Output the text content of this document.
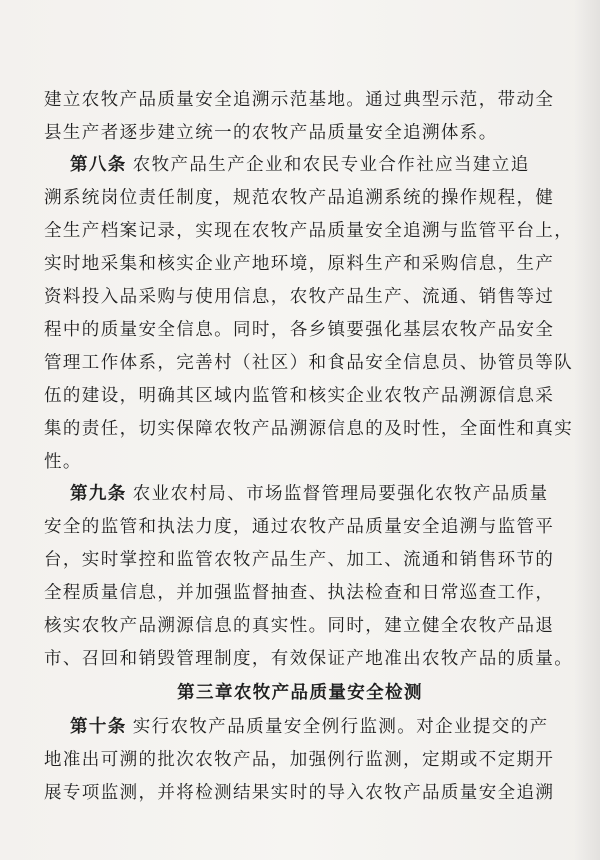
建立农牧产品质量安全追溯示范基地。通过典型示范，带动全
县生产者逐步建立统一的农牧产品质量安全追溯体系。
第八条 农牧产品生产企业和农民专业合作社应当建立追
溯系统岗位责任制度，规范农牧产品追溯系统的操作规程，健
全生产档案记录，实现在农牧产品质量安全追溯与监管平台上，
实时地采集和核实企业产地环境，原料生产和采购信息，生产
资料投入品采购与使用信息，农牧产品生产、流通、销售等过
程中的质量安全信息。同时，各乡镇要强化基层农牧产品安全
管理工作体系，完善村（社区）和食品安全信息员、协管员等队
伍的建设，明确其区域内监管和核实企业农牧产品溯源信息采
集的责任，切实保障农牧产品溯源信息的及时性，全面性和真实
性。
第九条 农业农村局、市场监督管理局要强化农牧产品质量
安全的监管和执法力度，通过农牧产品质量安全追溯与监管平
台，实时掌控和监管农牧产品生产、加工、流通和销售环节的
全程质量信息，并加强监督抽查、执法检查和日常巡查工作，
核实农牧产品溯源信息的真实性。同时，建立健全农牧产品退
市、召回和销毁管理制度，有效保证产地准出农牧产品的质量。
第三章农牧产品质量安全检测
第十条 实行农牧产品质量安全例行监测。对企业提交的产
地准出可溯的批次农牧产品，加强例行监测，定期或不定期开
展专项监测，并将检测结果实时的导入农牧产品质量安全追溯
